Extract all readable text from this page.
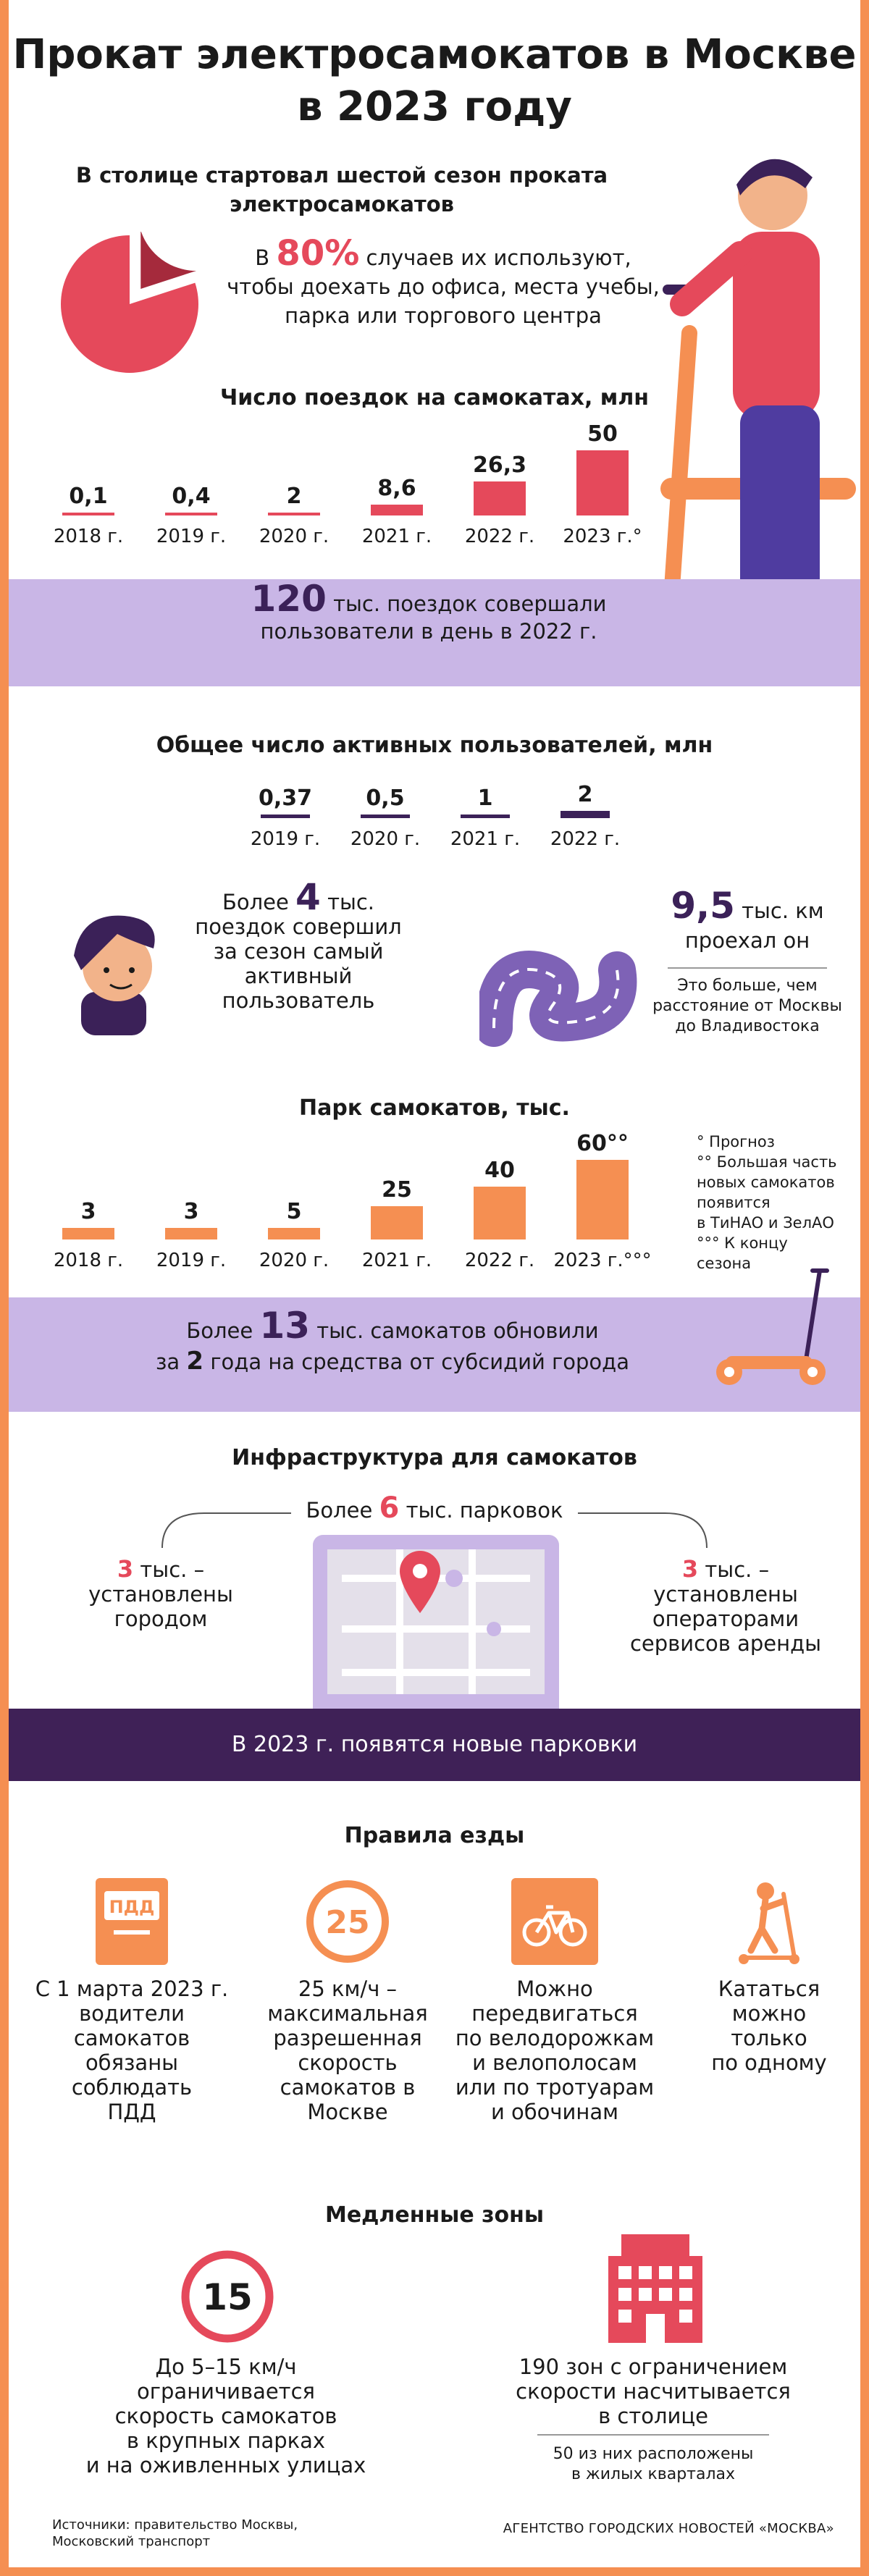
Прокат электросамокатов в Москве
в 2023 году
В столице стартовал шестой сезон проката
электросамокатов
В 80% случаев их используют,
чтобы доехать до офиса, места учебы,
парка или торгового центра
Число поездок на самокатах, млн
0,1
2018 г.
0,4
2019 г.
2
2020 г.
8,6
2021 г.
26,3
2022 г.
50
2023 г.°
120 тыс. поездок совершали
пользователи в день в 2022 г.
Общее число активных пользователей, млн
0,37
2019 г.
0,5
2020 г.
1
2021 г.
2
2022 г.
Более 4 тыс.
поездок совершил
за сезон самый
активный
пользователь
9,5 тыс. км
проехал он
Это больше, чем
расстояние от Москвы
до Владивостока
Парк самокатов, тыс.
3
2018 г.
3
2019 г.
5
2020 г.
25
2021 г.
40
2022 г.
60°°
2023 г.°°°
° Прогноз
°° Большая часть
новых самокатов
появится
в ТиНАО и ЗелАО
°°° К концу
сезона
Более 13 тыс. самокатов обновили
за 2 года на средства от субсидий города
Инфраструктура для самокатов
Более 6 тыс. парковок
3 тыс. –
установлены
городом
3 тыс. –
установлены
операторами
сервисов аренды
В 2023 г. появятся новые парковки
Правила езды
ПДД	25
С 1 марта 2023 г.
водители
самокатов
обязаны
соблюдать
ПДД
25 км/ч –
максимальная
разрешенная
скорость
самокатов в
Москве
Можно
передвигаться
по велодорожкам
и велополосам
или по тротуарам
и обочинам
Кататься
можно
только
по одному
Медленные зоны
15
До 5–15 км/ч
ограничивается
скорость самокатов
в крупных парках
и на оживленных улицах
190 зон с ограничением
скорости насчитывается
в столице
50 из них расположены
в жилых кварталах
Источники: правительство Москвы,
Московский транспорт
АГЕНТСТВО ГОРОДСКИХ НОВОСТЕЙ «МОСКВА»
